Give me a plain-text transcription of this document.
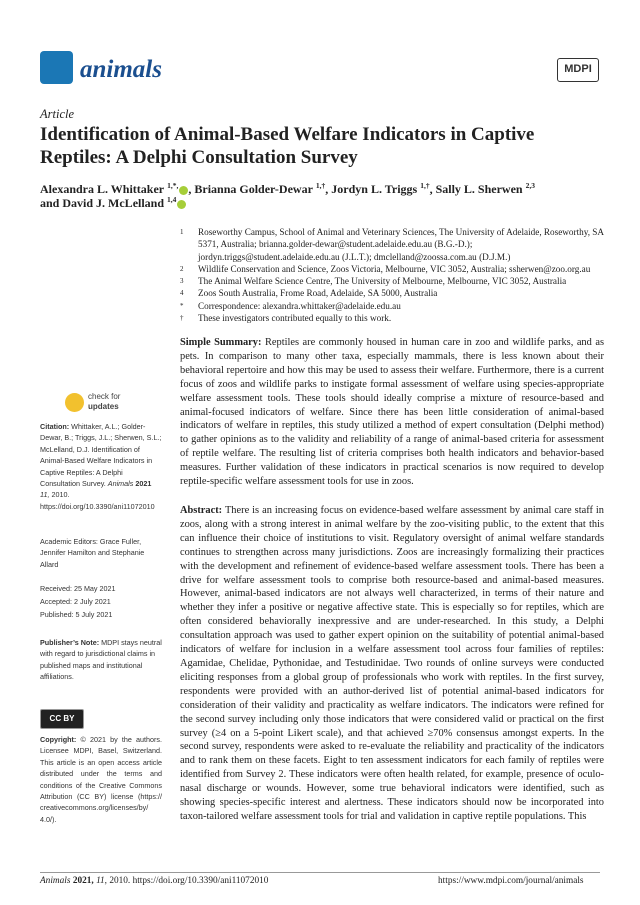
animals	MDPI
Article
Identification of Animal-Based Welfare Indicators in Captive Reptiles: A Delphi Consultation Survey
Alexandra L. Whittaker $^{1,*,}$ , Brianna Golder-Dewar $^{1,\dagger}$, Jordyn L. Triggs $^{1,\dagger}$, Sally L. Sherwen $^{2,3}$
and David J. McLelland $^{1,4}$
1	Roseworthy Campus, School of Animal and Veterinary Sciences, The University of Adelaide, Roseworthy, SA 5371, Australia; brianna.golder-dewar@student.adelaide.edu.au (B.G.-D.); jordyn.triggs@student.adelaide.edu.au (J.L.T.); dmclelland@zoossa.com.au (D.J.M.)
2	Wildlife Conservation and Science, Zoos Victoria, Melbourne, VIC 3052, Australia; ssherwen@zoo.org.au
3	The Animal Welfare Science Centre, The University of Melbourne, Melbourne, VIC 3052, Australia
4	Zoos South Australia, Frome Road, Adelaide, SA 5000, Australia
*	Correspondence: alexandra.whittaker@adelaide.edu.au
†	These investigators contributed equally to this work.
Simple Summary: Reptiles are commonly housed in human care in zoo and wildlife parks, and as pets. In comparison to many other taxa, especially mammals, there is less known about their behavioral repertoire and how this may be used to assess their welfare. Furthermore, there is a current focus of zoos and wildlife parks to instigate formal assessment of welfare using species-appropriate welfare assessment tools. These tools should ideally comprise a mixture of resource-based and animal-focused indicators of welfare. Since there has been little consideration of animal-based indicators of welfare in reptiles, this study utilized a method of expert consultation (Delphi method) to gather opinions as to the validity and reliability of a range of animal-based criteria for assessment of reptile welfare. The resulting list of criteria comprises both health indicators and behavior-based measures. Further validation of these indicators in practical scenarios is now required to develop reptile-specific welfare assessment tools for use in zoos.
Abstract: There is an increasing focus on evidence-based welfare assessment by animal care staff in zoos, along with a strong interest in animal welfare by the zoo-visiting public, to the extent that this can influence their choice of institutions to visit. Regulatory oversight of animal welfare standards continues to strengthen across many jurisdictions. Zoos are increasingly formalizing their practices with the development and refinement of evidence-based welfare assessment tools. There has been a drive for welfare assessment tools to comprise both resource-based and animal-based measures. However, animal-based indicators are not always well characterized, in terms of their nature and whether they infer a positive or negative affective state. This is especially so for reptiles, which are often considered behaviorally inexpressive and are under-researched. In this study, a Delphi consultation approach was used to gather expert opinion on the suitability of potential animal-based indicators of welfare for inclusion in a welfare assessment tool across four families of reptiles: Agamidae, Chelidae, Pythonidae, and Testudinidae. Two rounds of online surveys were conducted eliciting responses from a global group of professionals who work with reptiles. In the first survey, respondents were provided with an author-derived list of potential animal-based indicators for consideration of their validity and practicality as welfare indicators. The indicators were refined for the second survey including only those indicators that were considered valid or practical on the first survey (≥4 on a 5-point Likert scale), and that achieved ≥70% consensus amongst experts. In the second survey, respondents were asked to re-evaluate the reliability and practicality of the indicators and to rank them on these facets. Eight to ten assessment indicators for each family of reptiles were identified from Survey 2. These indicators were often health related, for example, presence of oculo-nasal discharge or wounds. However, some true behavioral indicators were identified, such as showing species-specific interest and alertness. These indicators should now be incorporated into taxon-tailored welfare assessment tools for trial and validation in captive reptile populations. This
check for
updates
Citation: Whittaker, A.L.; Golder-Dewar, B.; Triggs, J.L.; Sherwen, S.L.; McLelland, D.J. Identification of Animal-Based Welfare Indicators in Captive Reptiles: A Delphi Consultation Survey. Animals 2021 11, 2010. https://doi.org/10.3390/ani11072010
Academic Editors: Grace Fuller, Jennifer Hamilton and Stephanie Allard
Received: 25 May 2021
Accepted: 2 July 2021
Published: 5 July 2021
Publisher’s Note: MDPI stays neutral with regard to jurisdictional claims in published maps and institutional affiliations.
CC BY
Copyright: © 2021 by the authors. Licensee MDPI, Basel, Switzerland. This article is an open access article distributed under the terms and conditions of the Creative Commons Attribution (CC BY) license (https:// creativecommons.org/licenses/by/ 4.0/).
Animals 2021, 11, 2010. https://doi.org/10.3390/ani11072010	https://www.mdpi.com/journal/animals
